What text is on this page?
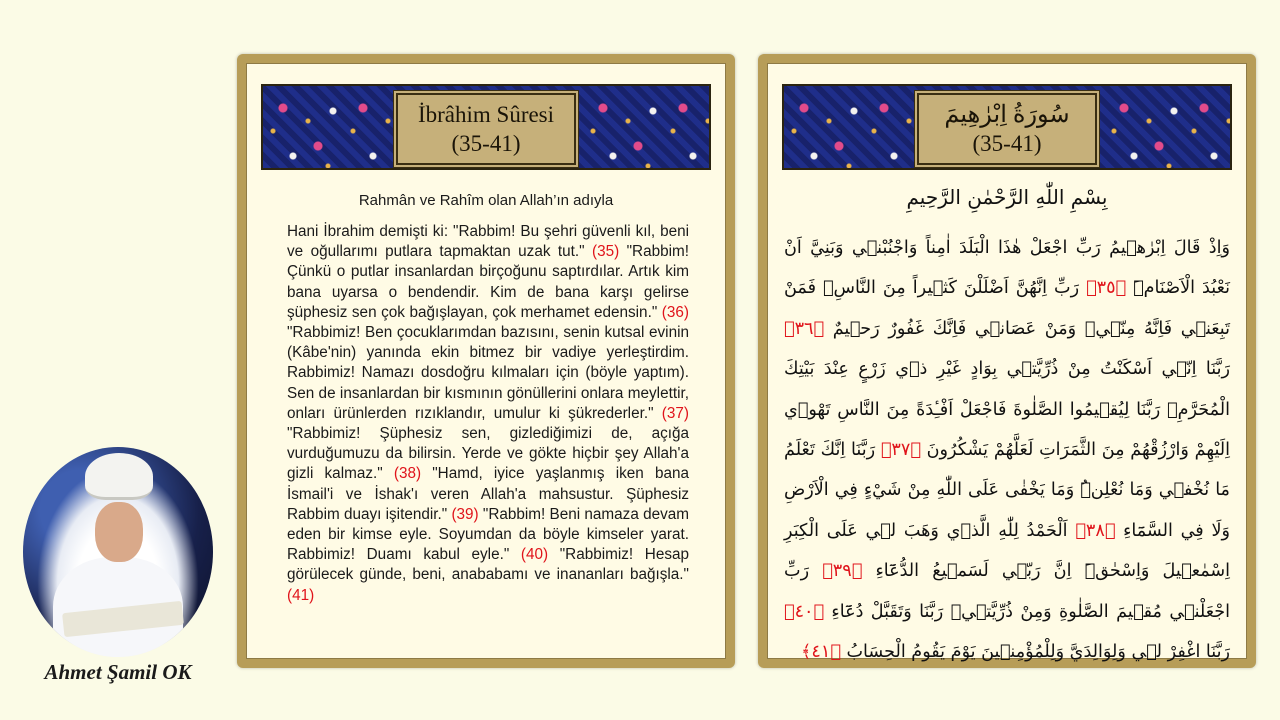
İbrâhim Sûresi
(35-41)
Rahmân ve Rahîm olan Allah’ın adıyla
Hani İbrahim demişti ki: "Rabbim! Bu şehri güvenli kıl, beni ve oğullarımı putlara tapmaktan uzak tut." (35) "Rabbim! Çünkü o putlar insanlardan birçoğunu saptırdılar. Artık kim bana uyarsa o bendendir. Kim de bana karşı gelirse şüphesiz sen çok bağışlayan, çok merhamet edensin." (36) "Rabbimiz! Ben çocuklarımdan bazısını, senin kutsal evinin (Kâbe'nin) yanında ekin bitmez bir vadiye yerleştirdim. Rabbimiz! Namazı dosdoğru kılmaları için (böyle yaptım). Sen de insanlardan bir kısmının gönüllerini onlara meylettir, onları ürünlerden rızıklandır, umulur ki şükrederler." (37) "Rabbimiz! Şüphesiz sen, gizlediğimizi de, açığa vurduğumuzu da bilirsin. Yerde ve gökte hiçbir şey Allah'a gizli kalmaz." (38) "Hamd, iyice yaşlanmış iken bana İsmail'i ve İshak'ı veren Allah'a mahsustur. Şüphesiz Rabbim duayı işitendir." (39) "Rabbim! Beni namaza devam eden bir kimse eyle. Soyumdan da böyle kimseler yarat. Rabbimiz! Duamı kabul eyle." (40) "Rabbimiz! Hesap görülecek günde, beni, anababamı ve inananları bağışla." (41)
سُورَةُ اِبْرٰهِيمَ
(35-41)
بِسْمِ اللّٰهِ الرَّحْمٰنِ الرَّحِيمِ
وَاِذْ قَالَ اِبْرٰهٖيمُ رَبِّ اجْعَلْ هٰذَا الْبَلَدَ اٰمِناً وَاجْنُبْنٖي وَبَنِيَّ اَنْ نَعْبُدَ الْاَصْنَامَۜ ﴿٣٥﴾ رَبِّ اِنَّهُنَّ اَضْلَلْنَ كَثٖيراً مِنَ النَّاسِۚ فَمَنْ تَبِعَنٖي فَاِنَّهُ مِنّٖيۚ وَمَنْ عَصَانٖي فَاِنَّكَ غَفُورٌ رَحٖيمٌ ﴿٣٦﴾ رَبَّنَا اِنّٖي اَسْكَنْتُ مِنْ ذُرِّيَّتٖي بِوَادٍ غَيْرِ ذٖي زَرْعٍ عِنْدَ بَيْتِكَ الْمُحَرَّمِۙ رَبَّنَا لِيُقٖيمُوا الصَّلٰوةَ فَاجْعَلْ اَفْـِٔدَةً مِنَ النَّاسِ تَهْوٖي اِلَيْهِمْ وَارْزُقْهُمْ مِنَ الثَّمَرَاتِ لَعَلَّهُمْ يَشْكُرُونَ ﴿٣٧﴾ رَبَّنَا اِنَّكَ تَعْلَمُ مَا نُخْفٖي وَمَا نُعْلِنُۜ وَمَا يَخْفٰى عَلَى اللّٰهِ مِنْ شَيْءٍ فِي الْاَرْضِ وَلَا فِي السَّمَٓاءِ ﴿٣٨﴾ اَلْحَمْدُ لِلّٰهِ الَّذٖي وَهَبَ لٖي عَلَى الْكِبَرِ اِسْمٰعٖيلَ وَاِسْحٰقَۜ اِنَّ رَبّٖي لَسَمٖيعُ الدُّعَٓاءِ ﴿٣٩﴾ رَبِّ اجْعَلْنٖي مُقٖيمَ الصَّلٰوةِ وَمِنْ ذُرِّيَّتٖيۗ رَبَّنَا وَتَقَبَّلْ دُعَٓاءِ ﴿٤٠﴾ رَبَّنَا اغْفِرْ لٖي وَلِوَالِدَيَّ وَلِلْمُؤْمِنٖينَ يَوْمَ يَقُومُ الْحِسَابُ ﴿٤١﴾
Ahmet Şamil OK
